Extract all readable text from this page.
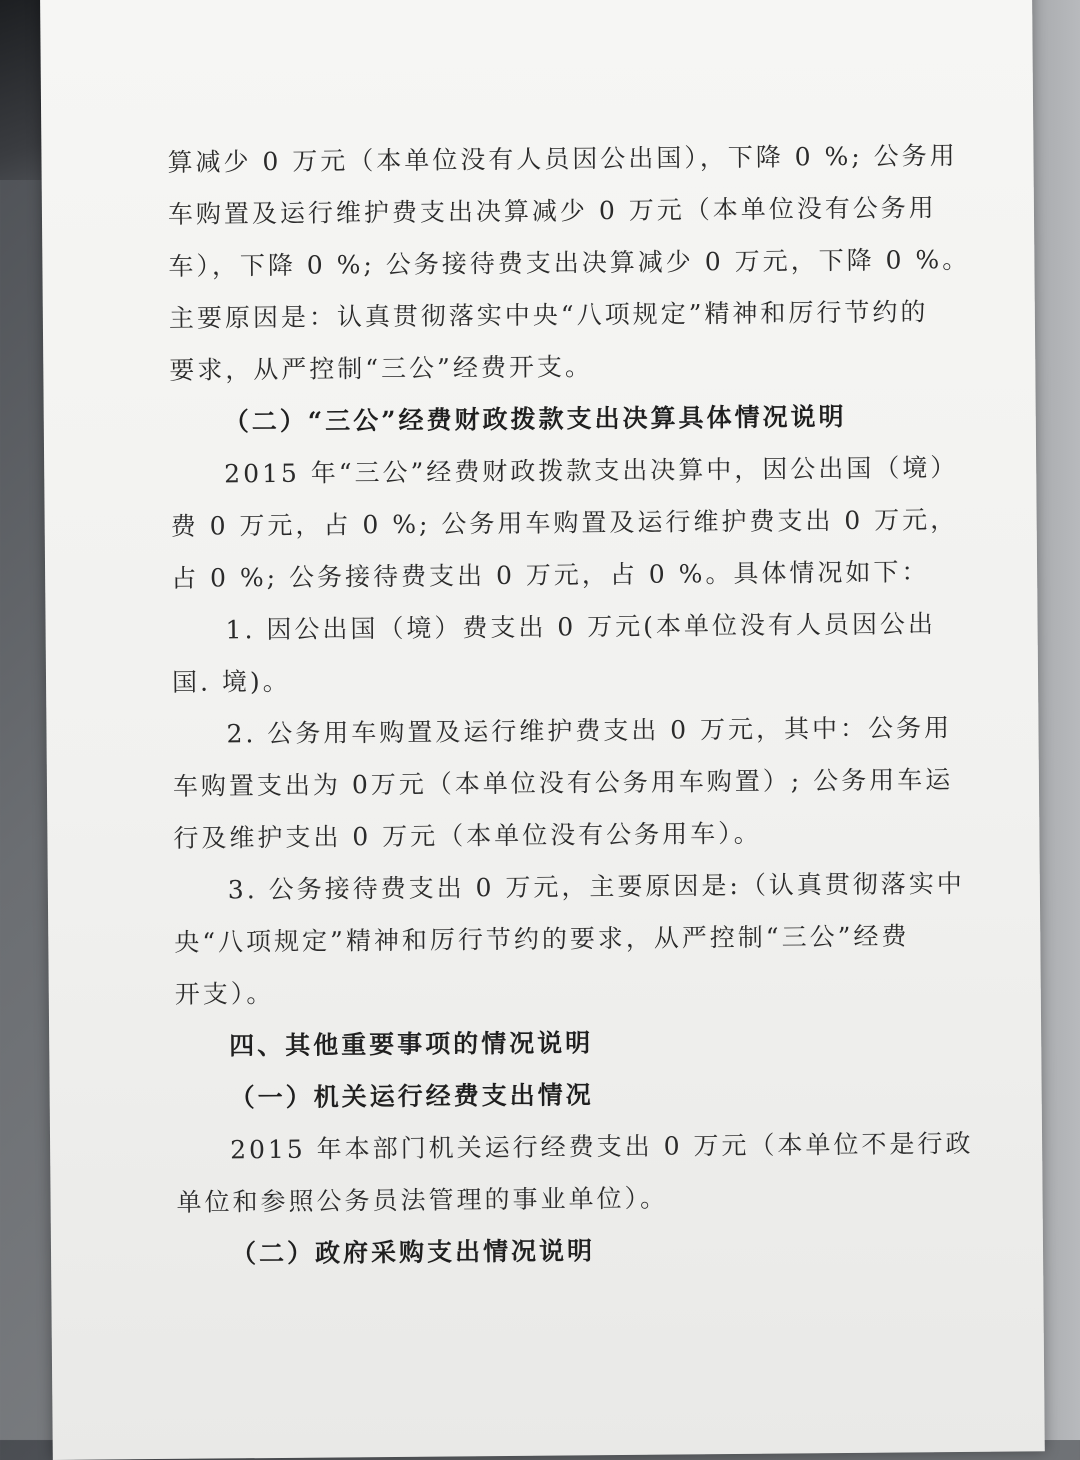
算减少 0 万元（本单位没有人员因公出国），下降 0 %; 公务用
车购置及运行维护费支出决算减少 0 万元（本单位没有公务用
车），下降 0 %; 公务接待费支出决算减少 0 万元，下降 0 %。
主要原因是：认真贯彻落实中央“八项规定”精神和厉行节约的
要求，从严控制“三公”经费开支。
（二）“三公”经费财政拨款支出决算具体情况说明
2015 年“三公”经费财政拨款支出决算中，因公出国（境）
费 0 万元，占 0 %; 公务用车购置及运行维护费支出 0 万元，
占 0 %; 公务接待费支出 0 万元，占 0 %。具体情况如下：
1. 因公出国（境）费支出 0 万元(本单位没有人员因公出
国. 境)。
2. 公务用车购置及运行维护费支出 0 万元，其中：公务用
车购置支出为 0万元（本单位没有公务用车购置）; 公务用车运
行及维护支出 0 万元（本单位没有公务用车）。
3. 公务接待费支出 0 万元，主要原因是:（认真贯彻落实中
央“八项规定”精神和厉行节约的要求，从严控制“三公”经费
开支）。
四、其他重要事项的情况说明
（一）机关运行经费支出情况
2015 年本部门机关运行经费支出 0 万元（本单位不是行政
单位和参照公务员法管理的事业单位）。
（二）政府采购支出情况说明
